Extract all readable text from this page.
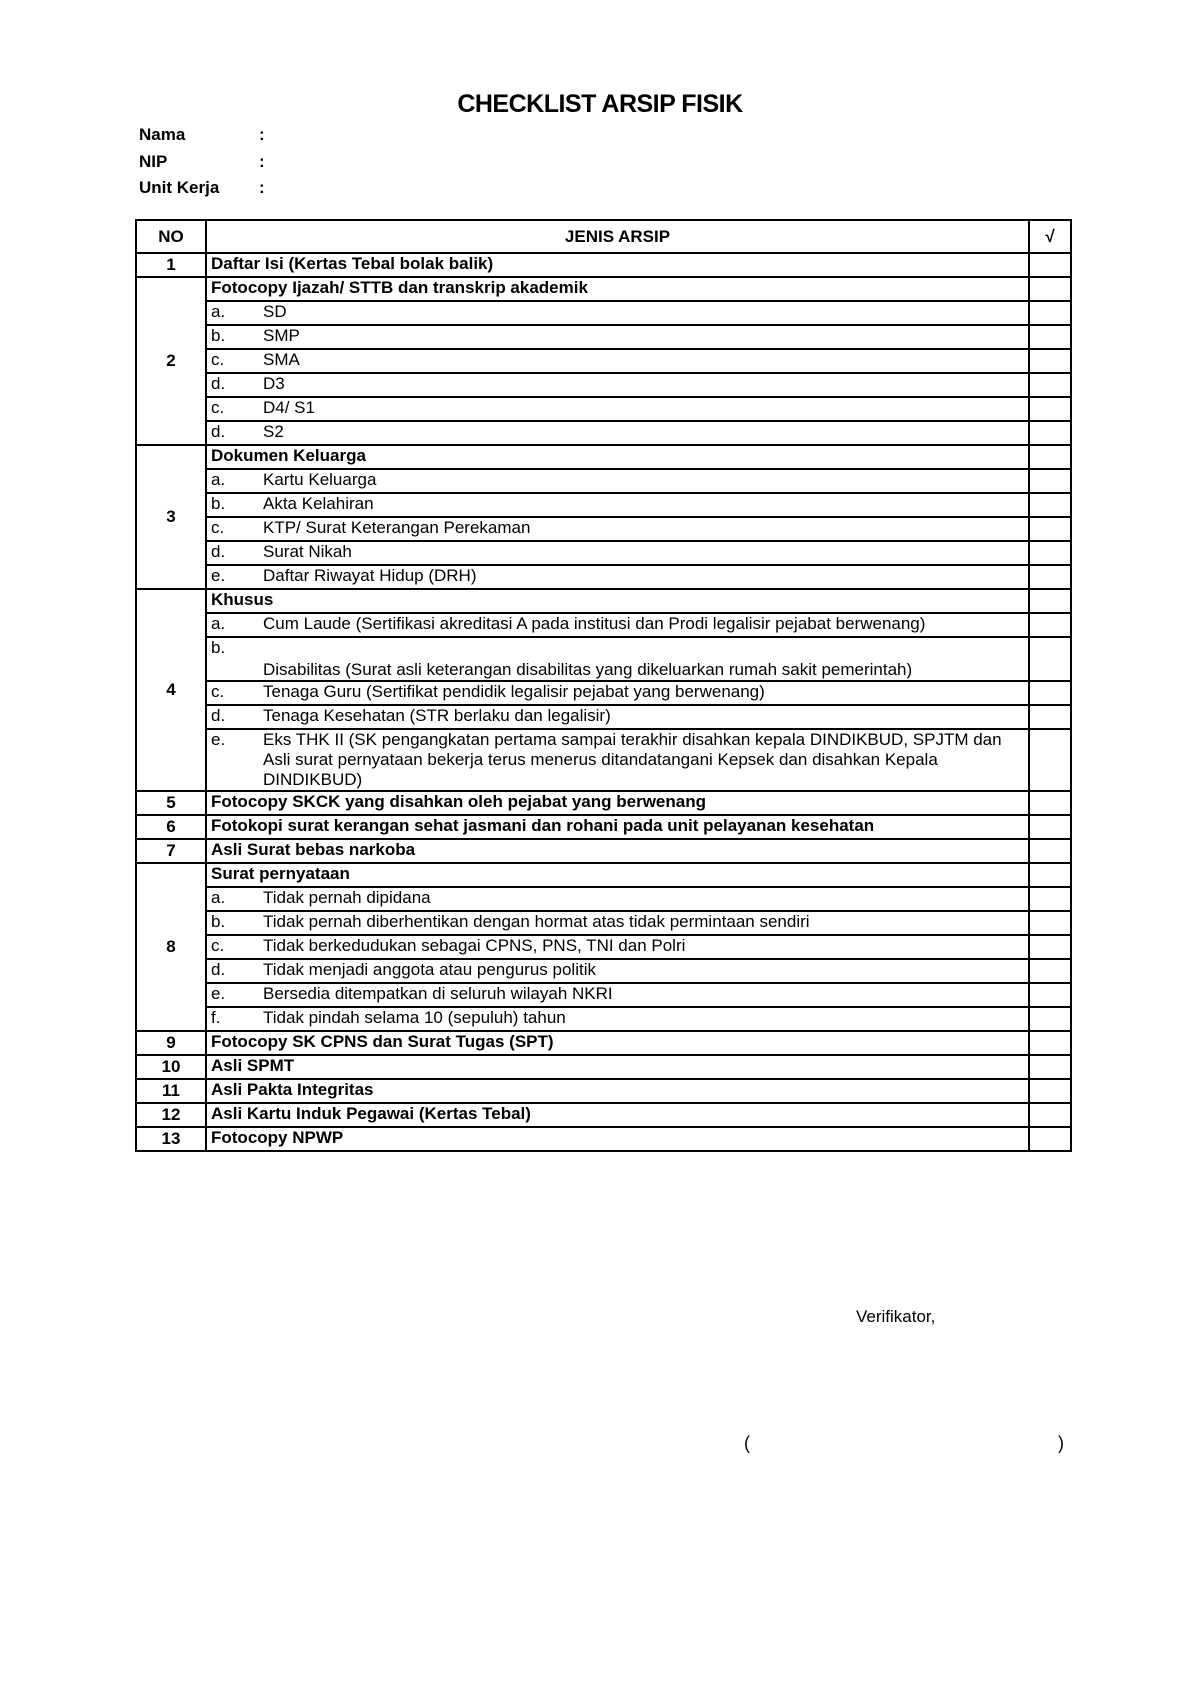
CHECKLIST ARSIP FISIK
Nama	:
NIP	:
Unit Kerja	:
NO	JENIS ARSIP	√
1	Daftar Isi (Kertas Tebal bolak balik)	
2	Fotocopy Ijazah/ STTB dan transkrip akademik	

	a. SD	

	b. SMP	

	c. SMA	

	d. D3	

	c. D4/ S1	

	d. S2	

3	Dokumen Keluarga	

	a. Kartu Keluarga	

	b. Akta Kelahiran	

	c. KTP/ Surat Keterangan Perekaman	

	d. Surat Nikah	

	e. Daftar Riwayat Hidup (DRH)	

4	Khusus	

	a. Cum Laude (Sertifikasi akreditasi A pada institusi dan Prodi legalisir pejabat berwenang)	

	b.
Disabilitas (Surat asli keterangan disabilitas yang dikeluarkan rumah sakit pemerintah)	

	c. Tenaga Guru (Sertifikat pendidik legalisir pejabat yang berwenang)	

	d. Tenaga Kesehatan (STR berlaku dan legalisir)	

	e. Eks THK II (SK pengangkatan pertama sampai terakhir disahkan kepala DINDIKBUD, SPJTM dan Asli surat pernyataan bekerja terus menerus ditandatangani Kepsek dan disahkan Kepala DINDIKBUD)	

5	Fotocopy SKCK yang disahkan oleh pejabat yang berwenang	
6	Fotokopi surat kerangan sehat jasmani dan rohani pada unit pelayanan kesehatan	
7	Asli Surat bebas narkoba	
8	Surat pernyataan	

	a. Tidak pernah dipidana	

	b. Tidak pernah diberhentikan dengan hormat atas tidak permintaan sendiri	

	c. Tidak berkedudukan sebagai CPNS, PNS, TNI dan Polri	

	d. Tidak menjadi anggota atau pengurus politik	

	e. Bersedia ditempatkan di seluruh wilayah NKRI	

	f. Tidak pindah selama 10 (sepuluh) tahun	

9	Fotocopy SK CPNS dan Surat Tugas (SPT)	
10	Asli SPMT	
11	Asli Pakta Integritas	
12	Asli Kartu Induk Pegawai (Kertas Tebal)	
13	Fotocopy NPWP	
Verifikator,
(	)
